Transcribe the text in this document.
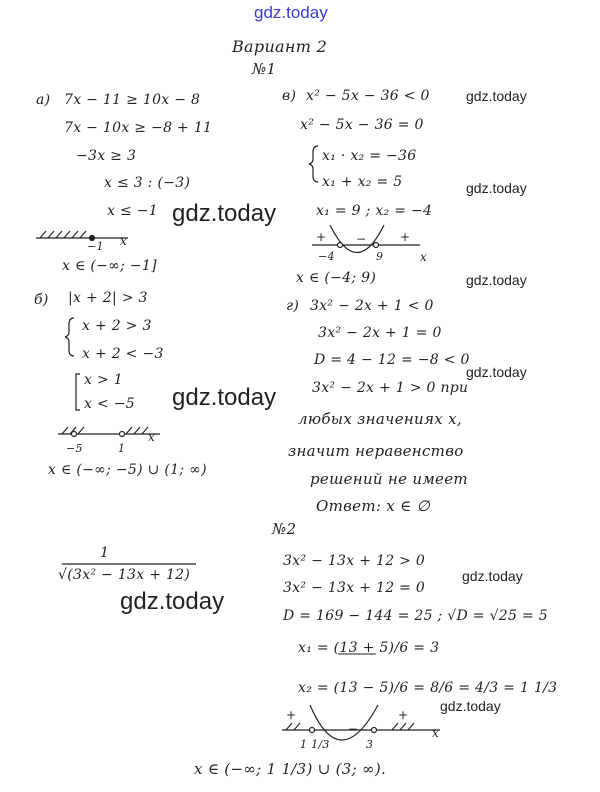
gdz.today
Вариант 2
№1
а) 7x − 11 ≥ 10x − 8
7x − 10x ≥ −8 + 11
−3x ≥ 3
x ≤ 3 : (−3)
x ≤ −1
−1 x
x ∈ (−∞; −1]
б) |x + 2| > 3
x + 2 > 3
x + 2 < −3
x > 1
x < −5
−5	1
x
x ∈ (−∞; −5) ∪ (1; ∞)
в) x² − 5x − 36 < 0
x² − 5x − 36 = 0
x₁ · x₂ = −36
x₁ + x₂ = 5
x₁ = 9 ; x₂ = −4
+ −	+
−4	9	x
x ∈ (−4; 9)
г) 3x² − 2x + 1 < 0
3x² − 2x + 1 = 0
D = 4 − 12 = −8 < 0
3x² − 2x + 1 > 0 при
любых значениях x,
значит неравенство
решений не имеет
Ответ: x ∈ ∅
№2
1
√(3x² − 13x + 12)
3x² − 13x + 12 > 0
3x² − 13x + 12 = 0
D = 169 − 144 = 25 ; √D = √25 = 5
x₁ = (13 + 5)/6 = 3
x₂ = (13 − 5)/6 = 8/6 = 4/3 = 1 1/3
+
−
+
1 1/3	3
x
x ∈ (−∞; 1 1/3) ∪ (3; ∞).
gdz.today
gdz.today
gdz.today
gdz.today
gdz.today
gdz.today
gdz.today
gdz.today
gdz.today
